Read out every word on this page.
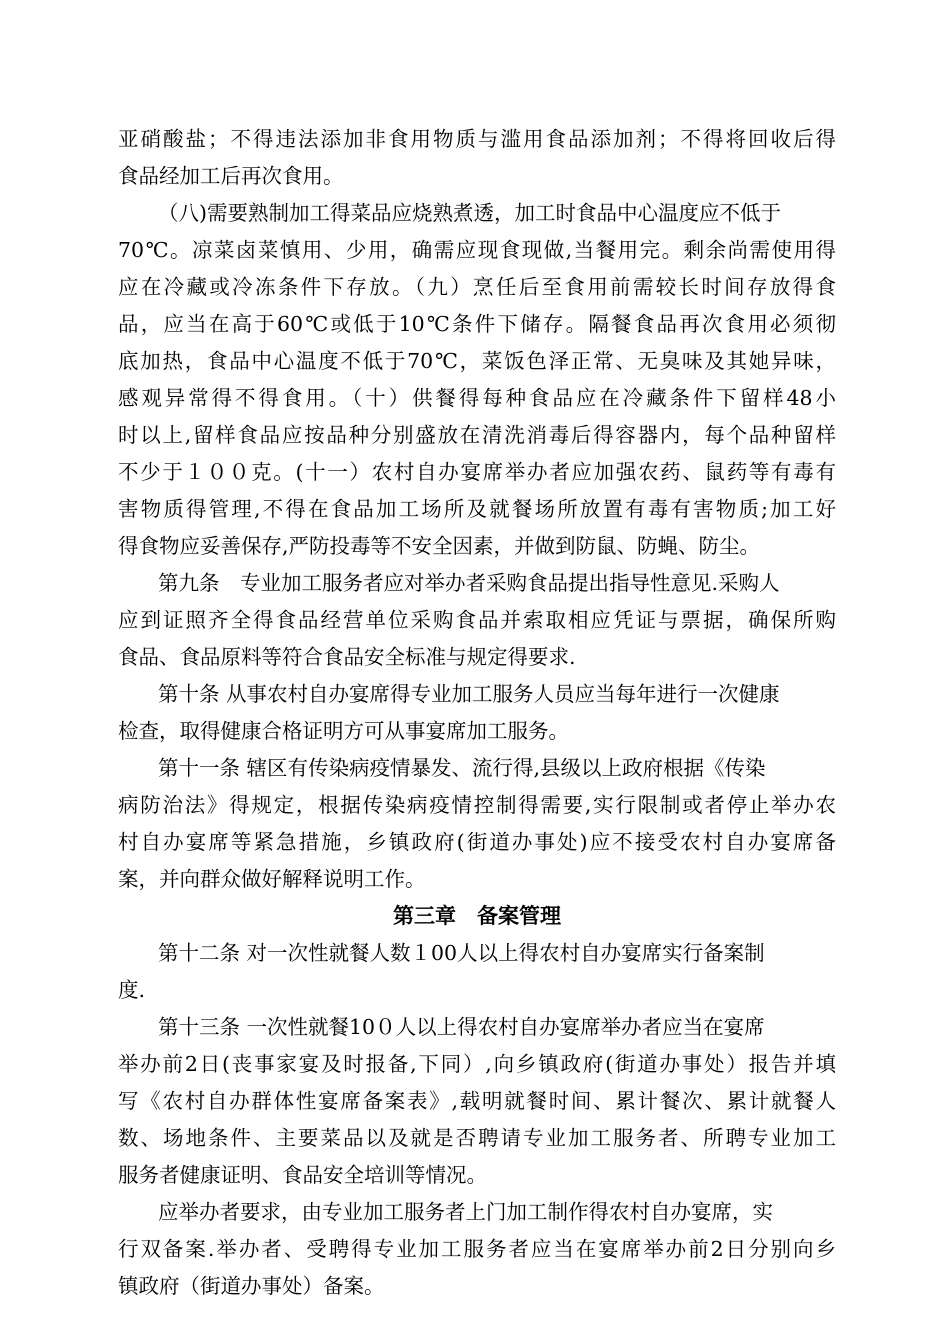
亚硝酸盐；不得违法添加非食用物质与滥用食品添加剂；不得将回收后得
食品经加工后再次食用。
（八)需要熟制加工得菜品应烧熟煮透，加工时食品中心温度应不低于
70℃。凉菜卤菜慎用、少用，确需应现食现做,当餐用完。剩余尚需使用得
应在冷藏或冷冻条件下存放。（九）烹任后至食用前需较长时间存放得食
品，应当在高于60℃或低于10℃条件下储存。隔餐食品再次食用必须彻
底加热，食品中心温度不低于70℃，菜饭色泽正常、无臭味及其她异味，
感观异常得不得食用。（十）供餐得每种食品应在冷藏条件下留样48小
时以上,留样食品应按品种分别盛放在清洗消毒后得容器内，每个品种留样
不少于１００克。(十一）农村自办宴席举办者应加强农药、鼠药等有毒有
害物质得管理,不得在食品加工场所及就餐场所放置有毒有害物质;加工好
得食物应妥善保存,严防投毒等不安全因素，并做到防鼠、防蝇、防尘。
第九条　专业加工服务者应对举办者采购食品提出指导性意见.采购人
应到证照齐全得食品经营单位采购食品并索取相应凭证与票据，确保所购
食品、食品原料等符合食品安全标准与规定得要求.
第十条 从事农村自办宴席得专业加工服务人员应当每年进行一次健康
检查，取得健康合格证明方可从事宴席加工服务。
第十一条 辖区有传染病疫情暴发、流行得,县级以上政府根据《传染
病防治法》得规定，根据传染病疫情控制得需要,实行限制或者停止举办农
村自办宴席等紧急措施，乡镇政府(街道办事处)应不接受农村自办宴席备
案，并向群众做好解释说明工作。
第三章　备案管理
第十二条 对一次性就餐人数１00人以上得农村自办宴席实行备案制
度.
第十三条 一次性就餐10０人以上得农村自办宴席举办者应当在宴席
举办前2日(丧事家宴及时报备,下同）,向乡镇政府(街道办事处）报告并填
写《农村自办群体性宴席备案表》,载明就餐时间、累计餐次、累计就餐人
数、场地条件、主要菜品以及就是否聘请专业加工服务者、所聘专业加工
服务者健康证明、食品安全培训等情况。
应举办者要求，由专业加工服务者上门加工制作得农村自办宴席，实
行双备案.举办者、受聘得专业加工服务者应当在宴席举办前2日分别向乡
镇政府（街道办事处）备案。
